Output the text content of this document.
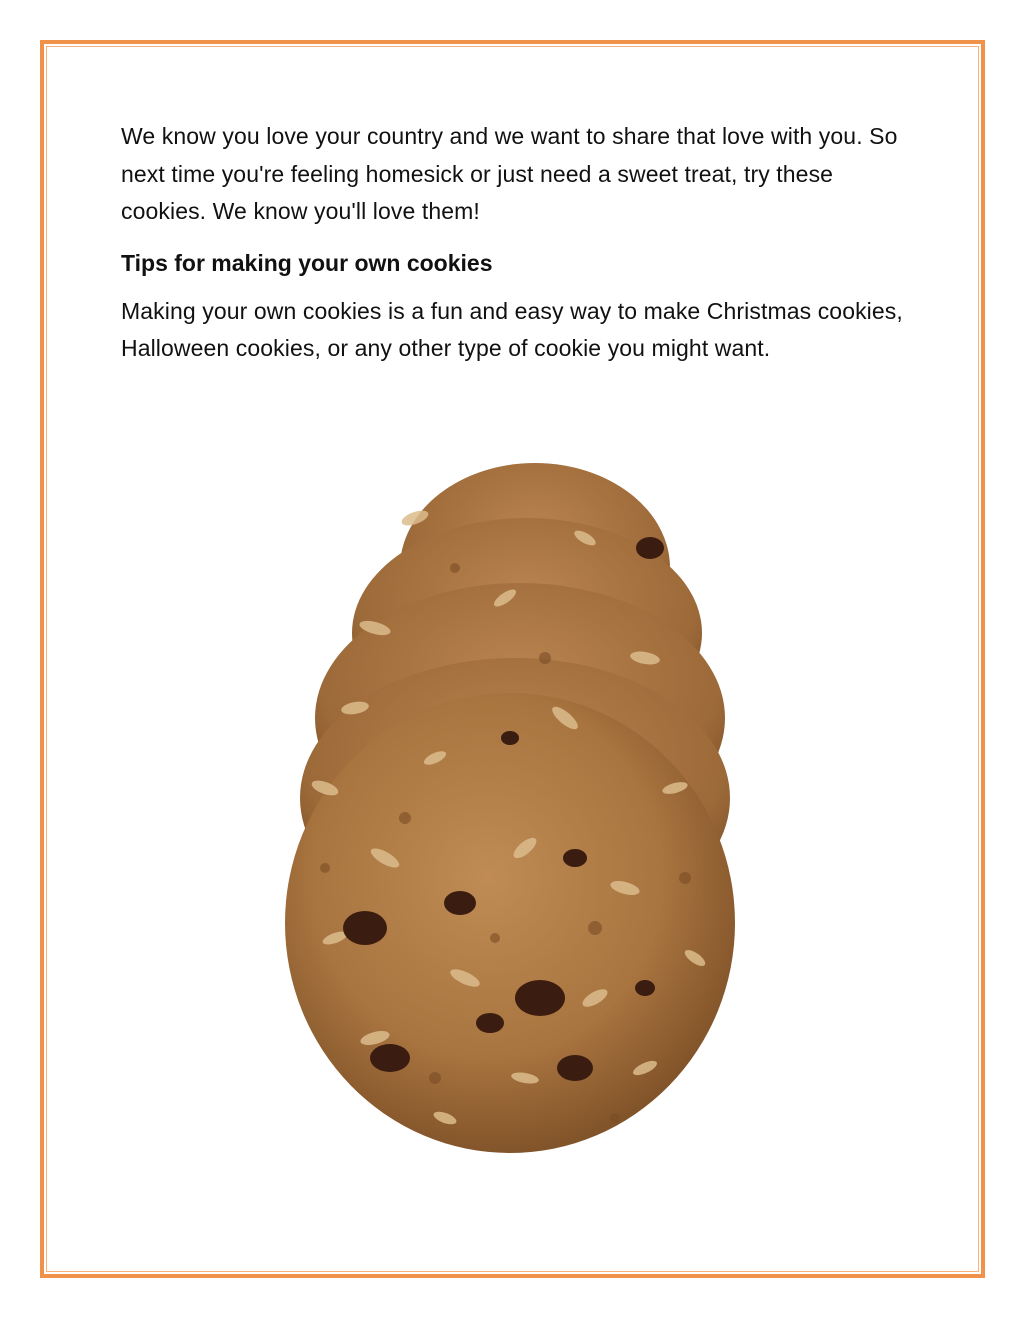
We know you love your country and we want to share that love with you. So next time you're feeling homesick or just need a sweet treat, try these cookies. We know you'll love them!

Tips for making your own cookies

Making your own cookies is a fun and easy way to make Christmas cookies, Halloween cookies, or any other type of cookie you might want.
